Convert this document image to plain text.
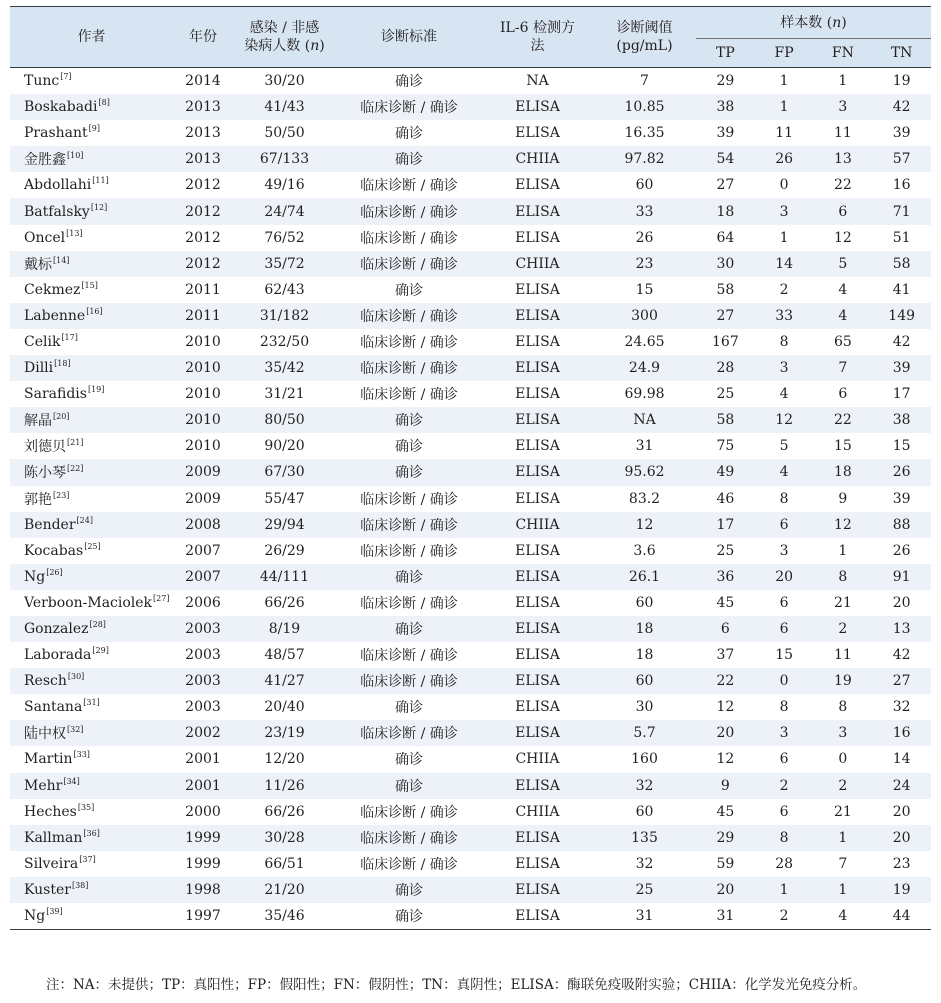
作者	年份	感染 / 非感
染病人数 (n)	诊断标准	IL-6 检测方
法	诊断阈值
(pg/mL)	样本数 (n)			
						TP	FP	FN	TN
Tunc[7]	2014	30/20	确诊	NA	7	29	1	1	19
Boskabadi[8]	2013	41/43	临床诊断 / 确诊	ELISA	10.85	38	1	3	42
Prashant[9]	2013	50/50	确诊	ELISA	16.35	39	11	11	39
金胜鑫[10]	2013	67/133	确诊	CHIIA	97.82	54	26	13	57
Abdollahi[11]	2012	49/16	临床诊断 / 确诊	ELISA	60	27	0	22	16
Batfalsky[12]	2012	24/74	临床诊断 / 确诊	ELISA	33	18	3	6	71
Oncel[13]	2012	76/52	临床诊断 / 确诊	ELISA	26	64	1	12	51
戴标[14]	2012	35/72	临床诊断 / 确诊	CHIIA	23	30	14	5	58
Cekmez[15]	2011	62/43	确诊	ELISA	15	58	2	4	41
Labenne[16]	2011	31/182	临床诊断 / 确诊	ELISA	300	27	33	4	149
Celik[17]	2010	232/50	临床诊断 / 确诊	ELISA	24.65	167	8	65	42
Dilli[18]	2010	35/42	临床诊断 / 确诊	ELISA	24.9	28	3	7	39
Sarafidis[19]	2010	31/21	临床诊断 / 确诊	ELISA	69.98	25	4	6	17
解晶[20]	2010	80/50	确诊	ELISA	NA	58	12	22	38
刘德贝[21]	2010	90/20	确诊	ELISA	31	75	5	15	15
陈小琴[22]	2009	67/30	确诊	ELISA	95.62	49	4	18	26
郭艳[23]	2009	55/47	临床诊断 / 确诊	ELISA	83.2	46	8	9	39
Bender[24]	2008	29/94	临床诊断 / 确诊	CHIIA	12	17	6	12	88
Kocabas[25]	2007	26/29	临床诊断 / 确诊	ELISA	3.6	25	3	1	26
Ng[26]	2007	44/111	确诊	ELISA	26.1	36	20	8	91
Verboon-Maciolek[27]	2006	66/26	临床诊断 / 确诊	ELISA	60	45	6	21	20
Gonzalez[28]	2003	8/19	确诊	ELISA	18	6	6	2	13
Laborada[29]	2003	48/57	临床诊断 / 确诊	ELISA	18	37	15	11	42
Resch[30]	2003	41/27	临床诊断 / 确诊	ELISA	60	22	0	19	27
Santana[31]	2003	20/40	确诊	ELISA	30	12	8	8	32
陆中权[32]	2002	23/19	临床诊断 / 确诊	ELISA	5.7	20	3	3	16
Martin[33]	2001	12/20	确诊	CHIIA	160	12	6	0	14
Mehr[34]	2001	11/26	确诊	ELISA	32	9	2	2	24
Heches[35]	2000	66/26	临床诊断 / 确诊	CHIIA	60	45	6	21	20
Kallman[36]	1999	30/28	临床诊断 / 确诊	ELISA	135	29	8	1	20
Silveira[37]	1999	66/51	临床诊断 / 确诊	ELISA	32	59	28	7	23
Kuster[38]	1998	21/20	确诊	ELISA	25	20	1	1	19
Ng[39]	1997	35/46	确诊	ELISA	31	31	2	4	44
注：NA：未提供；TP：真阳性；FP：假阳性；FN：假阴性；TN：真阴性；ELISA：酶联免疫吸附实验；CHIIA：化学发光免疫分析。
